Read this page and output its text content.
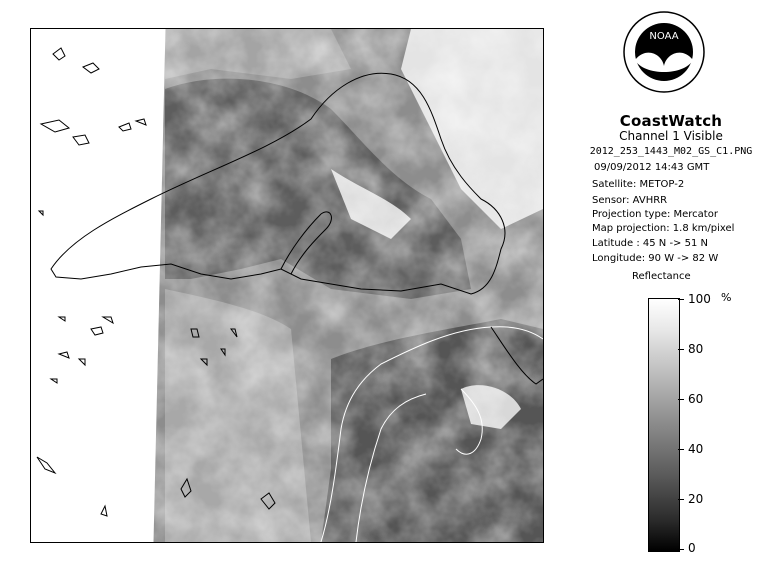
NOAA
CoastWatch
Channel 1 Visible
2012_253_1443_M02_GS_C1.PNG
09/09/2012 14:43 GMT
Satellite: METOP-2
Sensor: AVHRR
Projection type: Mercator
Map projection: 1.8 km/pixel
Latitude : 45 N -> 51 N
Longitude: 90 W -> 82 W
Reflectance
%
100
80
60
40
20
0
